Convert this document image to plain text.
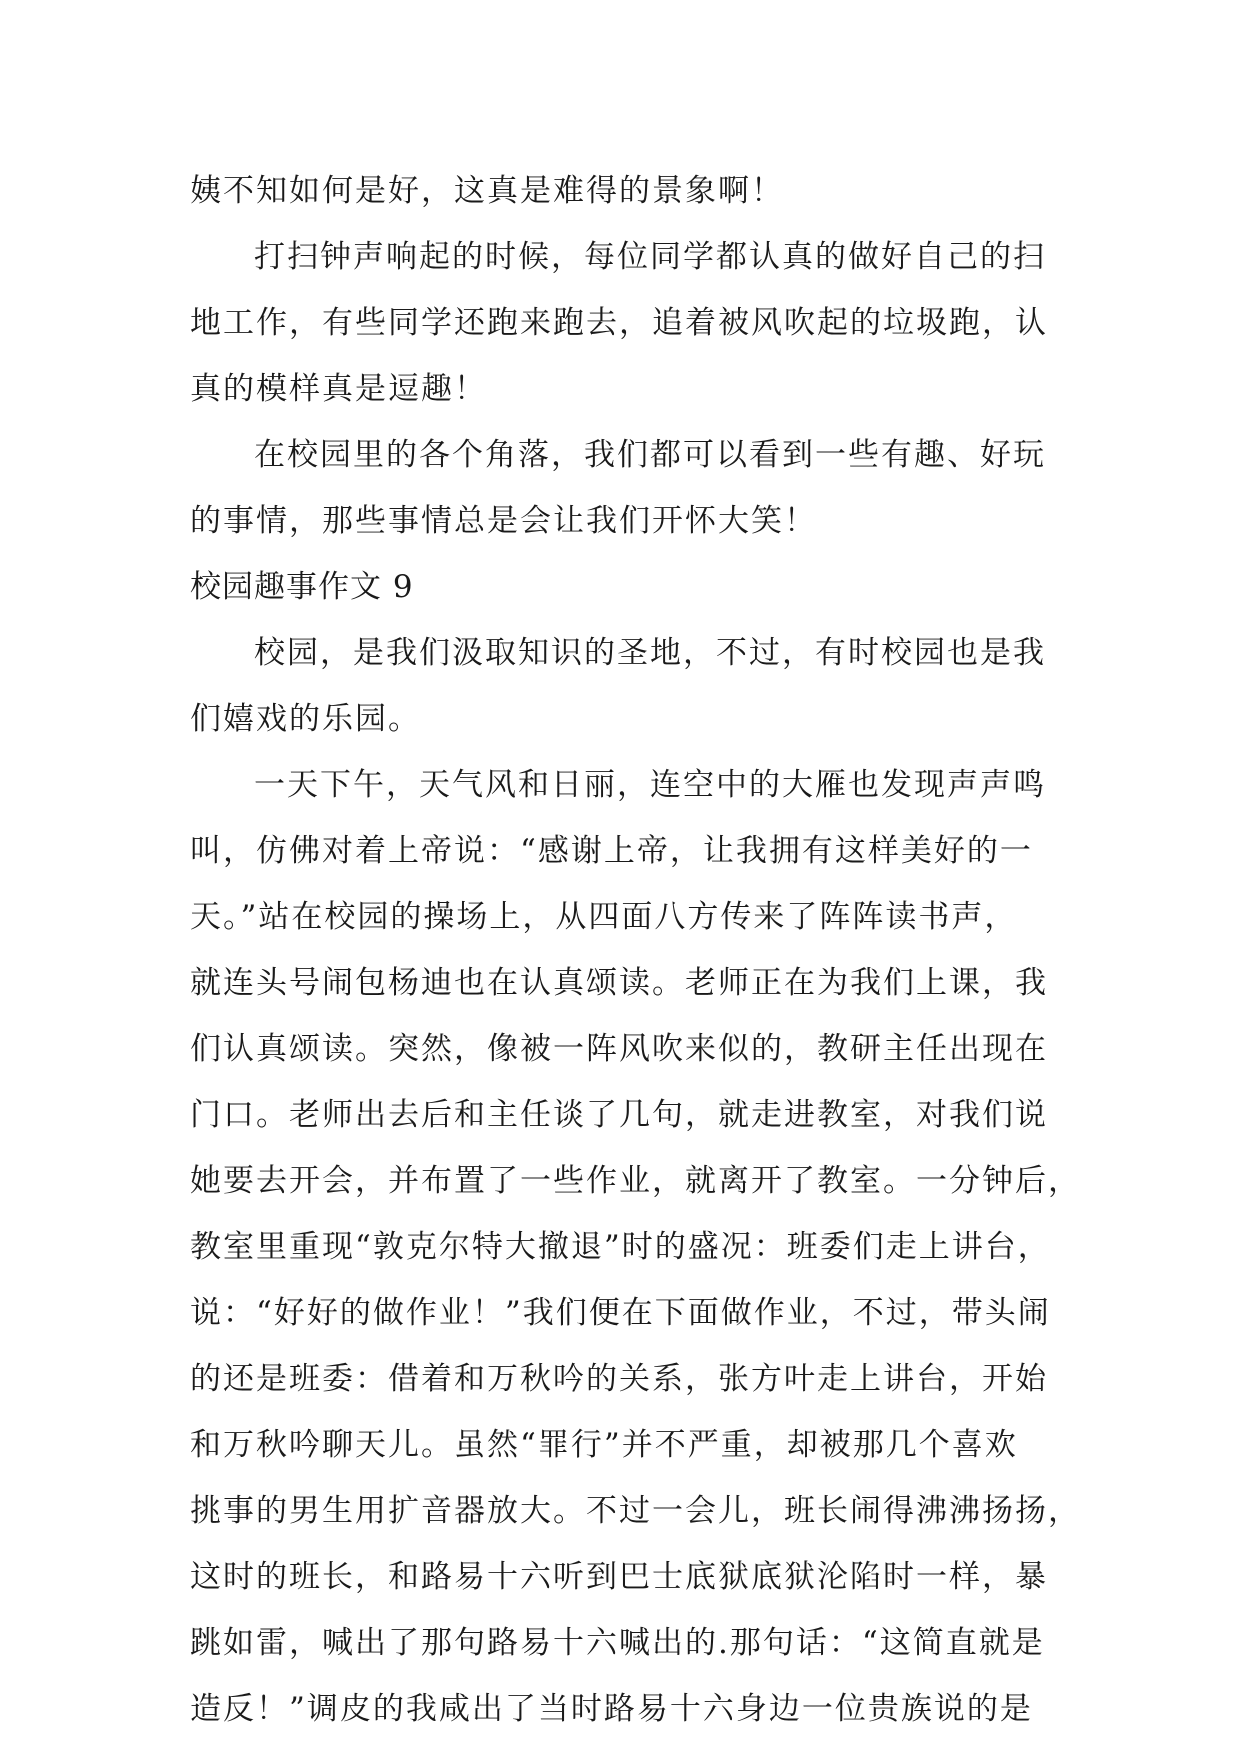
姨不知如何是好，这真是难得的景象啊！
打扫钟声响起的时候，每位同学都认真的做好自己的扫
地工作，有些同学还跑来跑去，追着被风吹起的垃圾跑，认
真的模样真是逗趣！
在校园里的各个角落，我们都可以看到一些有趣、好玩
的事情，那些事情总是会让我们开怀大笑！
校园趣事作文 9
校园，是我们汲取知识的圣地，不过，有时校园也是我
们嬉戏的乐园。
一天下午，天气风和日丽，连空中的大雁也发现声声鸣
叫，仿佛对着上帝说：“感谢上帝，让我拥有这样美好的一
天。”站在校园的操场上，从四面八方传来了阵阵读书声，
就连头号闹包杨迪也在认真颂读。老师正在为我们上课，我
们认真颂读。突然，像被一阵风吹来似的，教研主任出现在
门口。老师出去后和主任谈了几句，就走进教室，对我们说
她要去开会，并布置了一些作业，就离开了教室。一分钟后，
教室里重现“敦克尔特大撤退”时的盛况：班委们走上讲台，
说：“好好的做作业！”我们便在下面做作业，不过，带头闹
的还是班委：借着和万秋吟的关系，张方叶走上讲台，开始
和万秋吟聊天儿。虽然“罪行”并不严重，却被那几个喜欢
挑事的男生用扩音器放大。不过一会儿，班长闹得沸沸扬扬，
这时的班长，和路易十六听到巴士底狱底狱沦陷时一样，暴
跳如雷，喊出了那句路易十六喊出的.那句话：“这简直就是
造反！”调皮的我咸出了当时路易十六身边一位贵族说的是
